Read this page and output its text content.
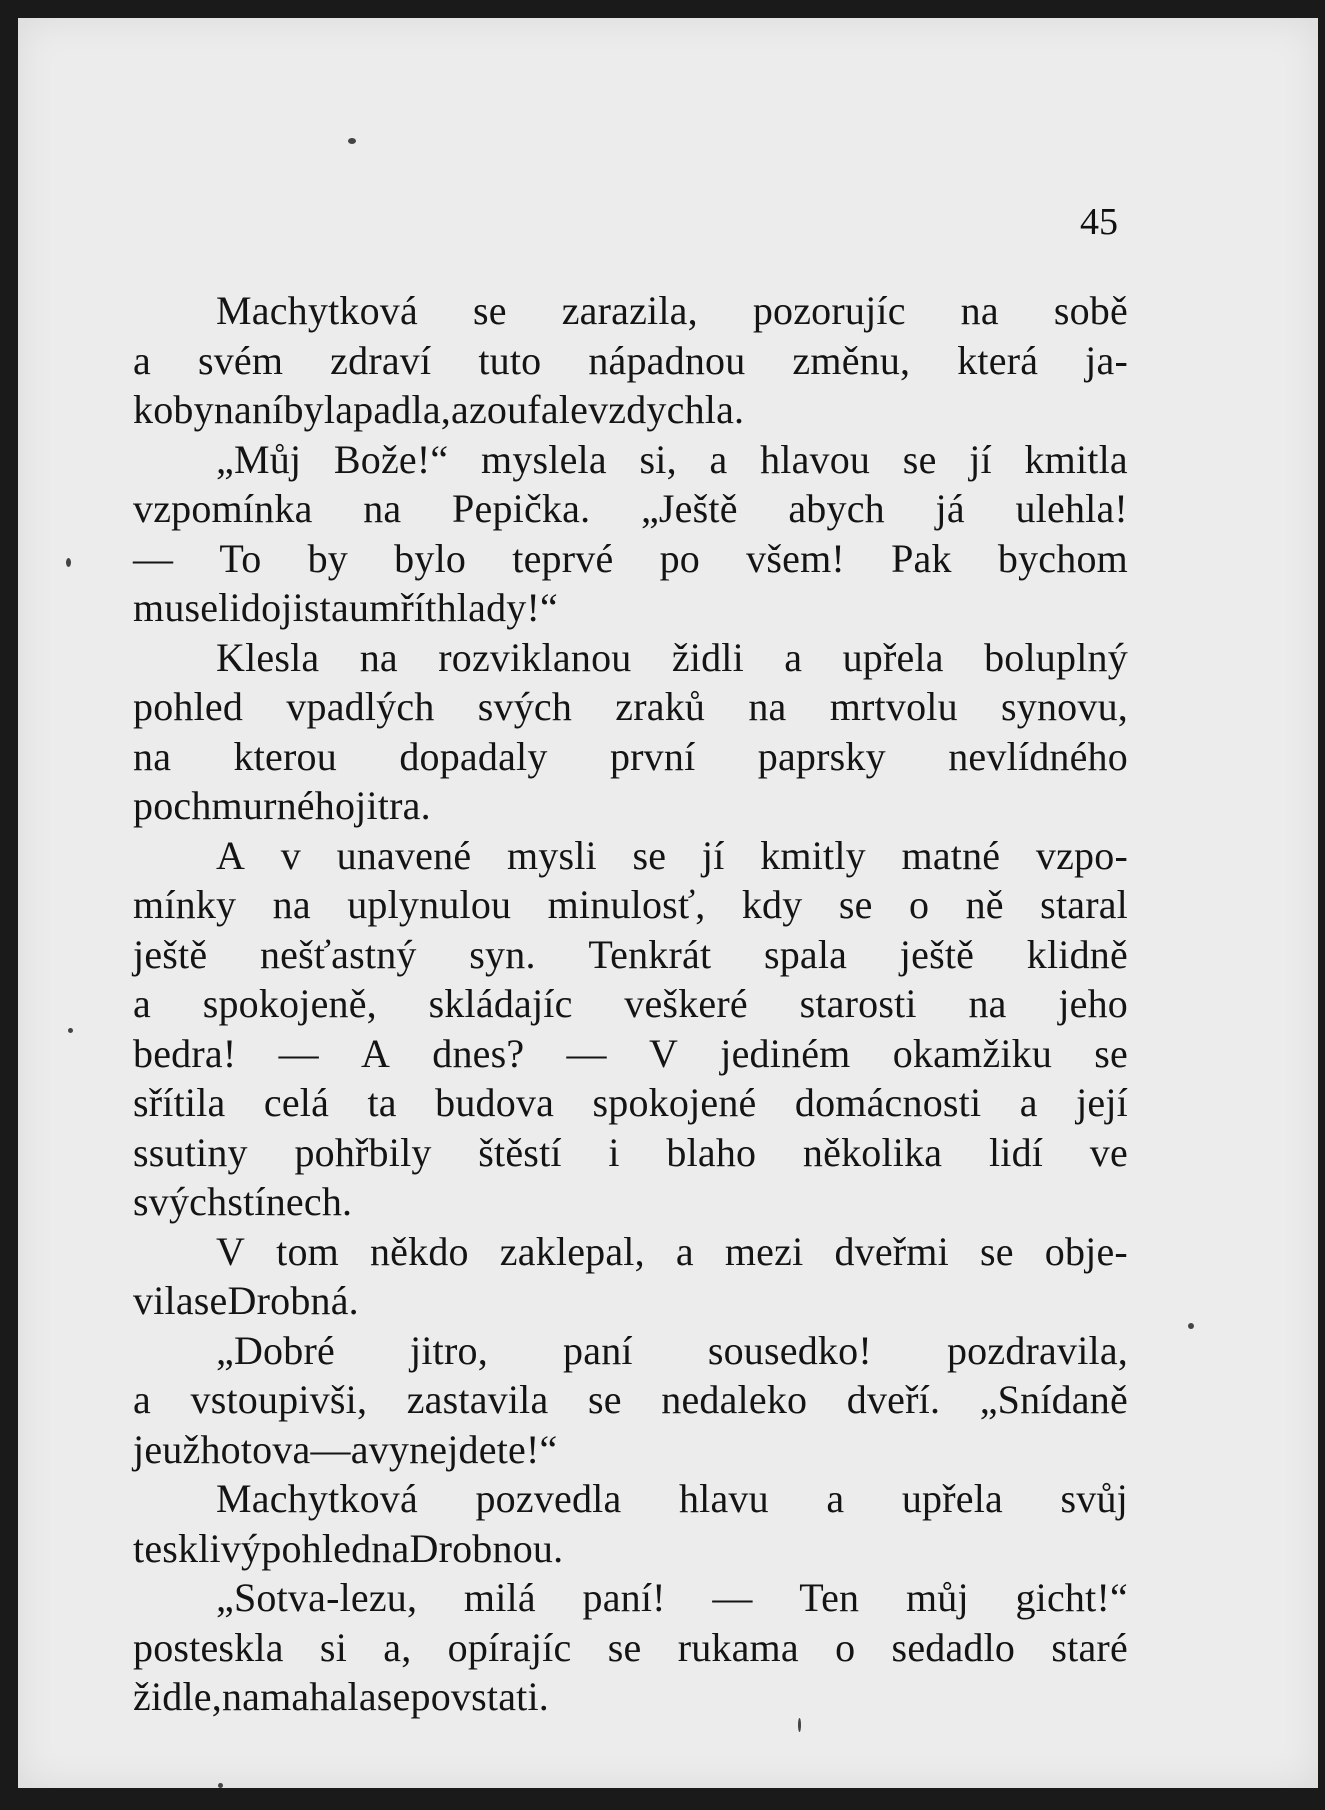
45
Machytková se zarazila, pozorujíc na sobě
a svém zdraví tuto nápadnou změnu, která ja-
koby na ní byla padla, a zoufale vzdychla.
„Můj Bože!“ myslela si, a hlavou se jí kmitla
vzpomínka na Pepička. „Ještě abych já ulehla!
— To by bylo teprvé po všem! Pak bychom
museli dojista umřít hlady!“
Klesla na rozviklanou židli a upřela boluplný
pohled vpadlých svých zraků na mrtvolu synovu,
na kterou dopadaly první paprsky nevlídného
pochmurného jitra.
A v unavené mysli se jí kmitly matné vzpo-
mínky na uplynulou minulosť, kdy se o ně staral
ještě nešťastný syn. Tenkrát spala ještě klidně
a spokojeně, skládajíc veškeré starosti na jeho
bedra! — A dnes? — V jediném okamžiku se
sřítila celá ta budova spokojené domácnosti a její
ssutiny pohřbily štěstí i blaho několika lidí ve
svých stínech.
V tom někdo zaklepal, a mezi dveřmi se obje-
vila se Drobná.
„Dobré jitro, paní sousedko! pozdravila,
a vstoupivši, zastavila se nedaleko dveří. „Snídaně
je už hotova — a vy nejdete!“
Machytková pozvedla hlavu a upřela svůj
tesklivý pohled na Drobnou.
„Sotva-lezu, milá paní! — Ten můj gicht!“
posteskla si a, opírajíc se rukama o sedadlo staré
židle, namahala se povstati.
